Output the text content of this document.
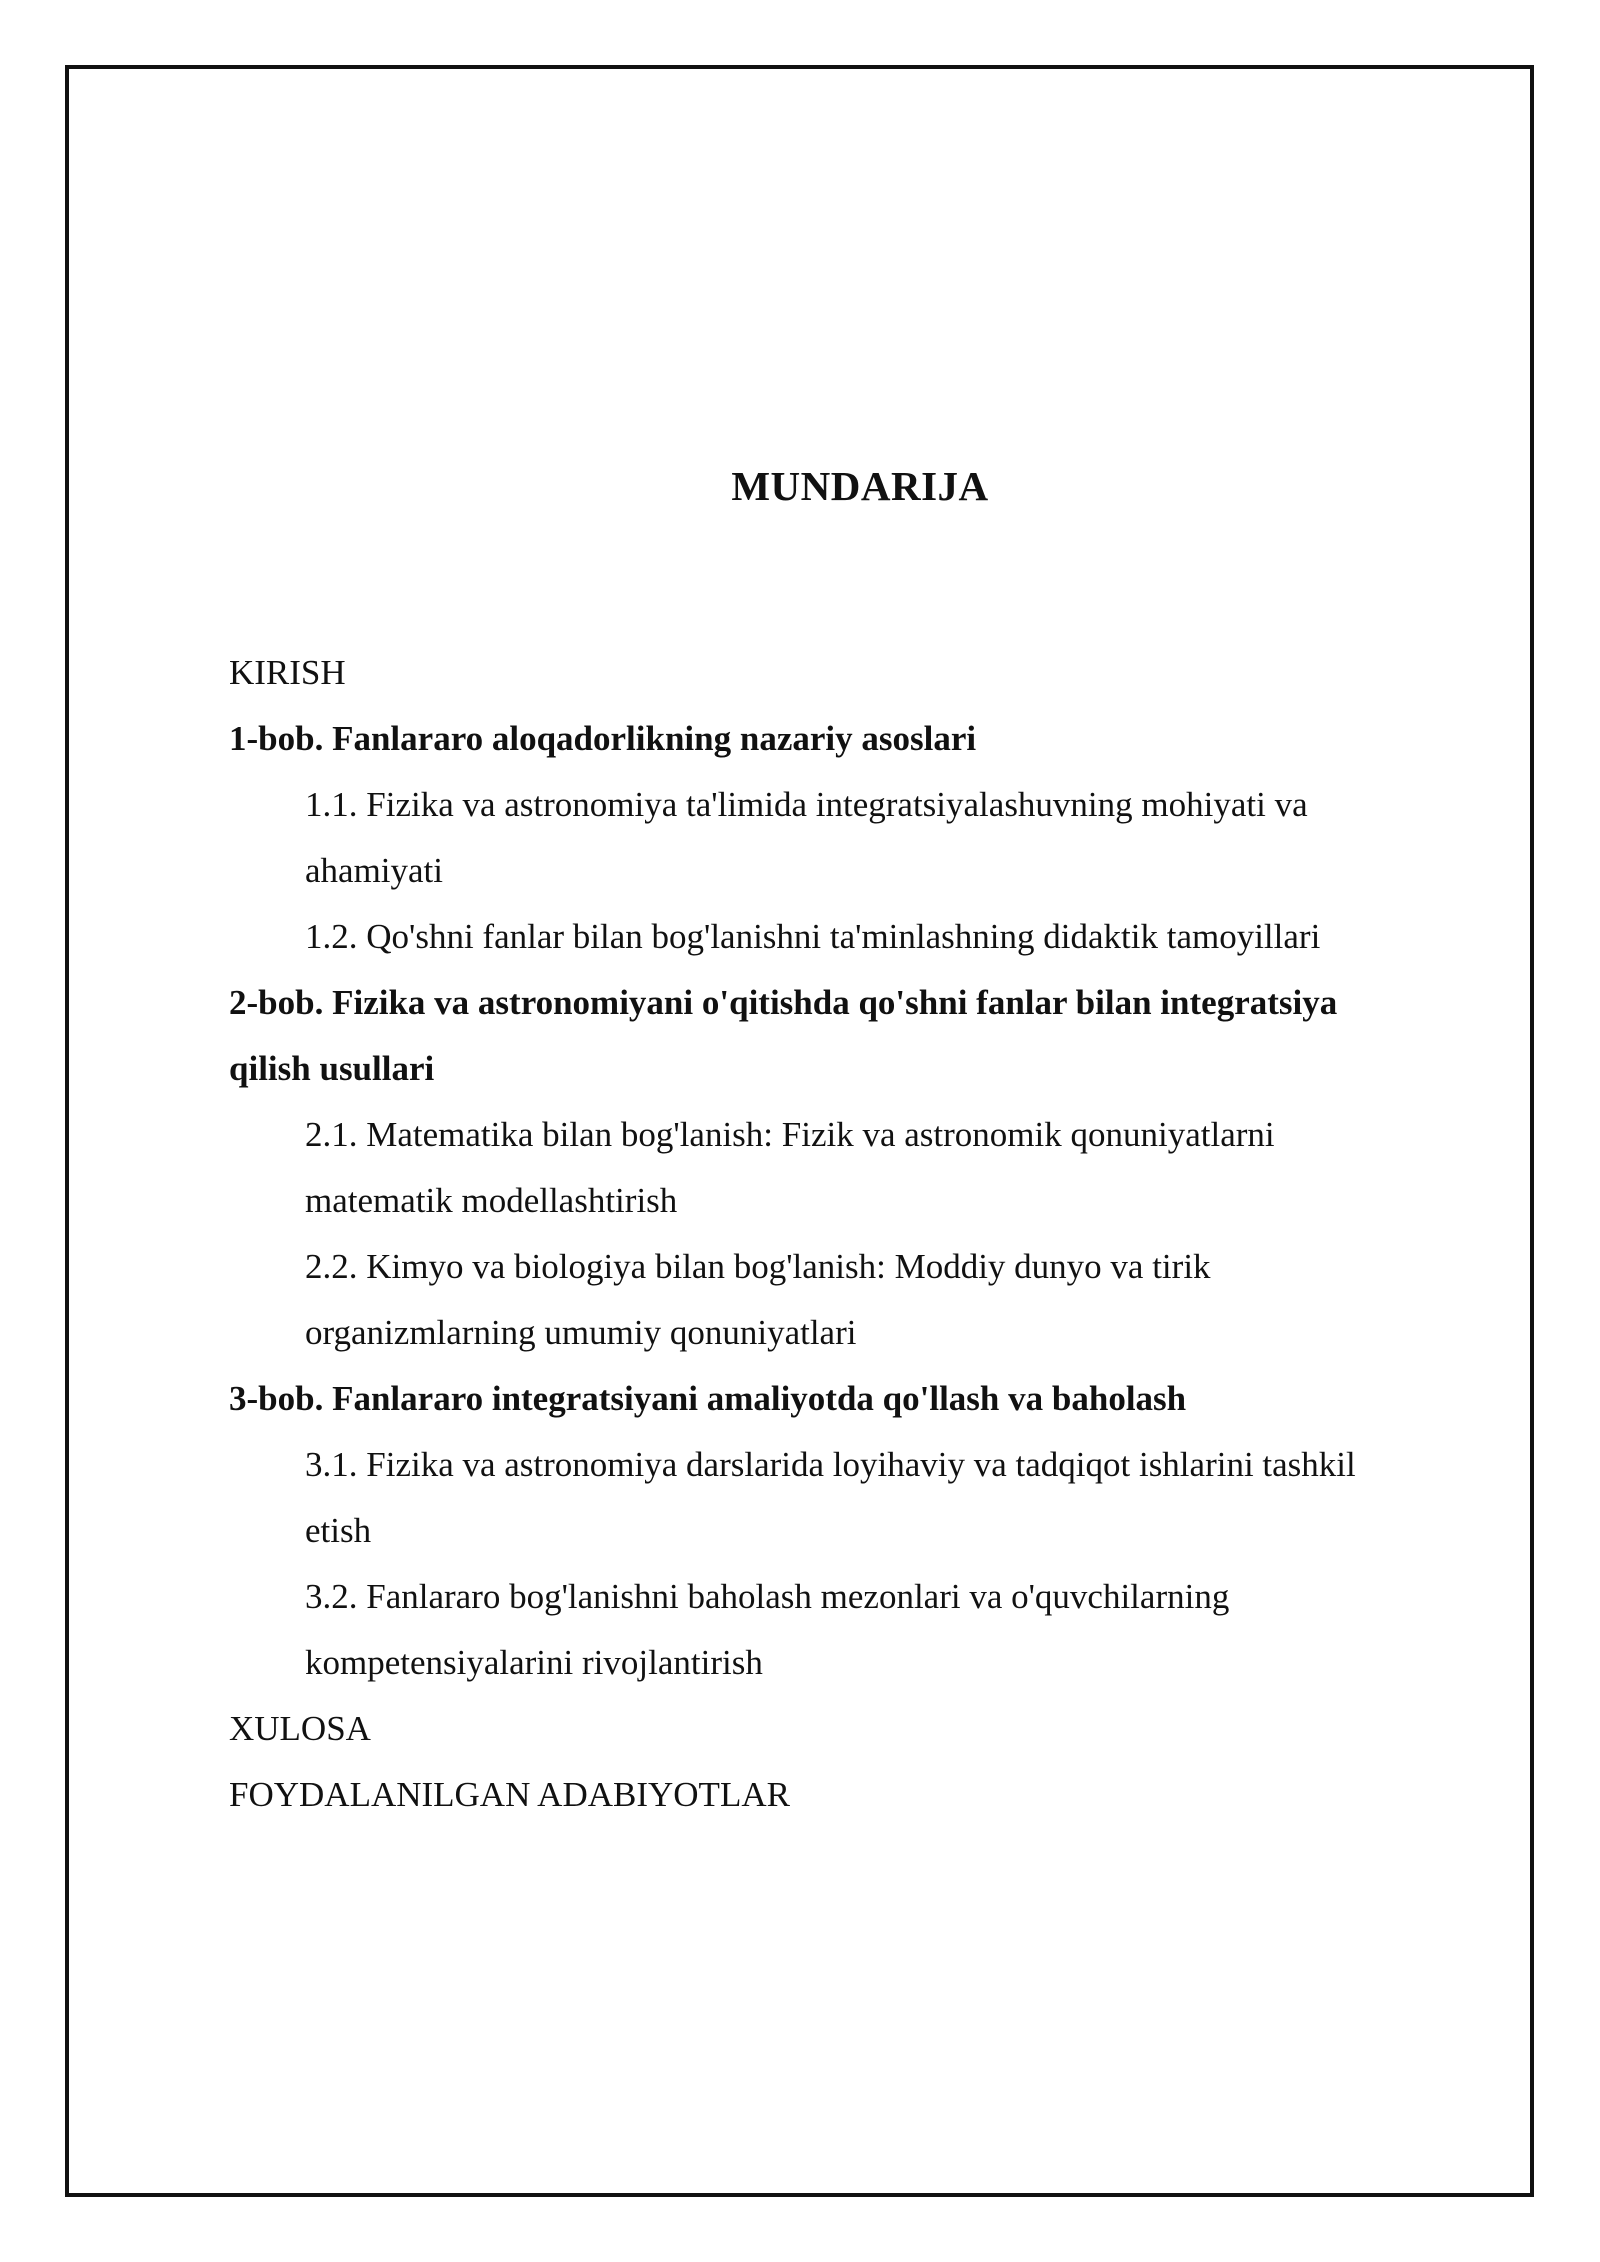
MUNDARIJA
KIRISH
1-bob. Fanlararo aloqadorlikning nazariy asoslari
1.1. Fizika va astronomiya ta'limida integratsiyalashuvning mohiyati va
ahamiyati
1.2. Qo'shni fanlar bilan bog'lanishni ta'minlashning didaktik tamoyillari
2-bob. Fizika va astronomiyani o'qitishda qo'shni fanlar bilan integratsiya
qilish usullari
2.1. Matematika bilan bog'lanish: Fizik va astronomik qonuniyatlarni
matematik modellashtirish
2.2. Kimyo va biologiya bilan bog'lanish: Moddiy dunyo va tirik
organizmlarning umumiy qonuniyatlari
3-bob. Fanlararo integratsiyani amaliyotda qo'llash va baholash
3.1. Fizika va astronomiya darslarida loyihaviy va tadqiqot ishlarini tashkil
etish
3.2. Fanlararo bog'lanishni baholash mezonlari va o'quvchilarning
kompetensiyalarini rivojlantirish
XULOSA
FOYDALANILGAN ADABIYOTLAR
